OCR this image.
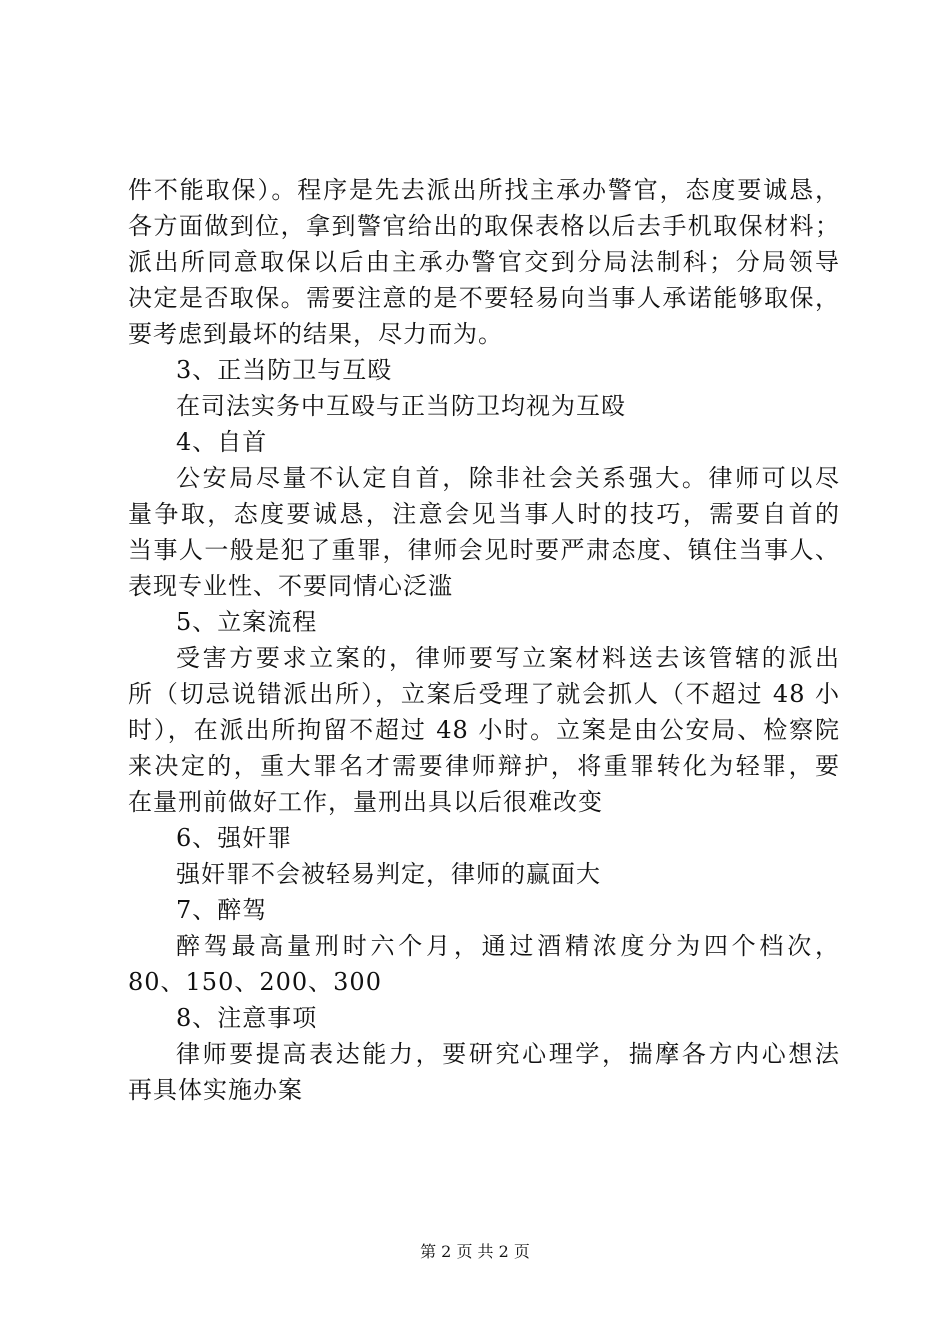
件不能取保）。程序是先去派出所找主承办警官，态度要诚恳，
各方面做到位，拿到警官给出的取保表格以后去手机取保材料；
派出所同意取保以后由主承办警官交到分局法制科；分局领导
决定是否取保。需要注意的是不要轻易向当事人承诺能够取保，
要考虑到最坏的结果，尽力而为。
3、正当防卫与互殴
在司法实务中互殴与正当防卫均视为互殴
4、自首
公安局尽量不认定自首，除非社会关系强大。律师可以尽
量争取，态度要诚恳，注意会见当事人时的技巧，需要自首的
当事人一般是犯了重罪，律师会见时要严肃态度、镇住当事人、
表现专业性、不要同情心泛滥
5、立案流程
受害方要求立案的，律师要写立案材料送去该管辖的派出
所（切忌说错派出所），立案后受理了就会抓人（不超过 48 小
时），在派出所拘留不超过 48 小时。立案是由公安局、检察院
来决定的，重大罪名才需要律师辩护，将重罪转化为轻罪，要
在量刑前做好工作，量刑出具以后很难改变
6、强奸罪
强奸罪不会被轻易判定，律师的赢面大
7、醉驾
醉驾最高量刑时六个月，通过酒精浓度分为四个档次，
80、150、200、300
8、注意事项
律师要提高表达能力，要研究心理学，揣摩各方内心想法
再具体实施办案
第 2 页 共 2 页
